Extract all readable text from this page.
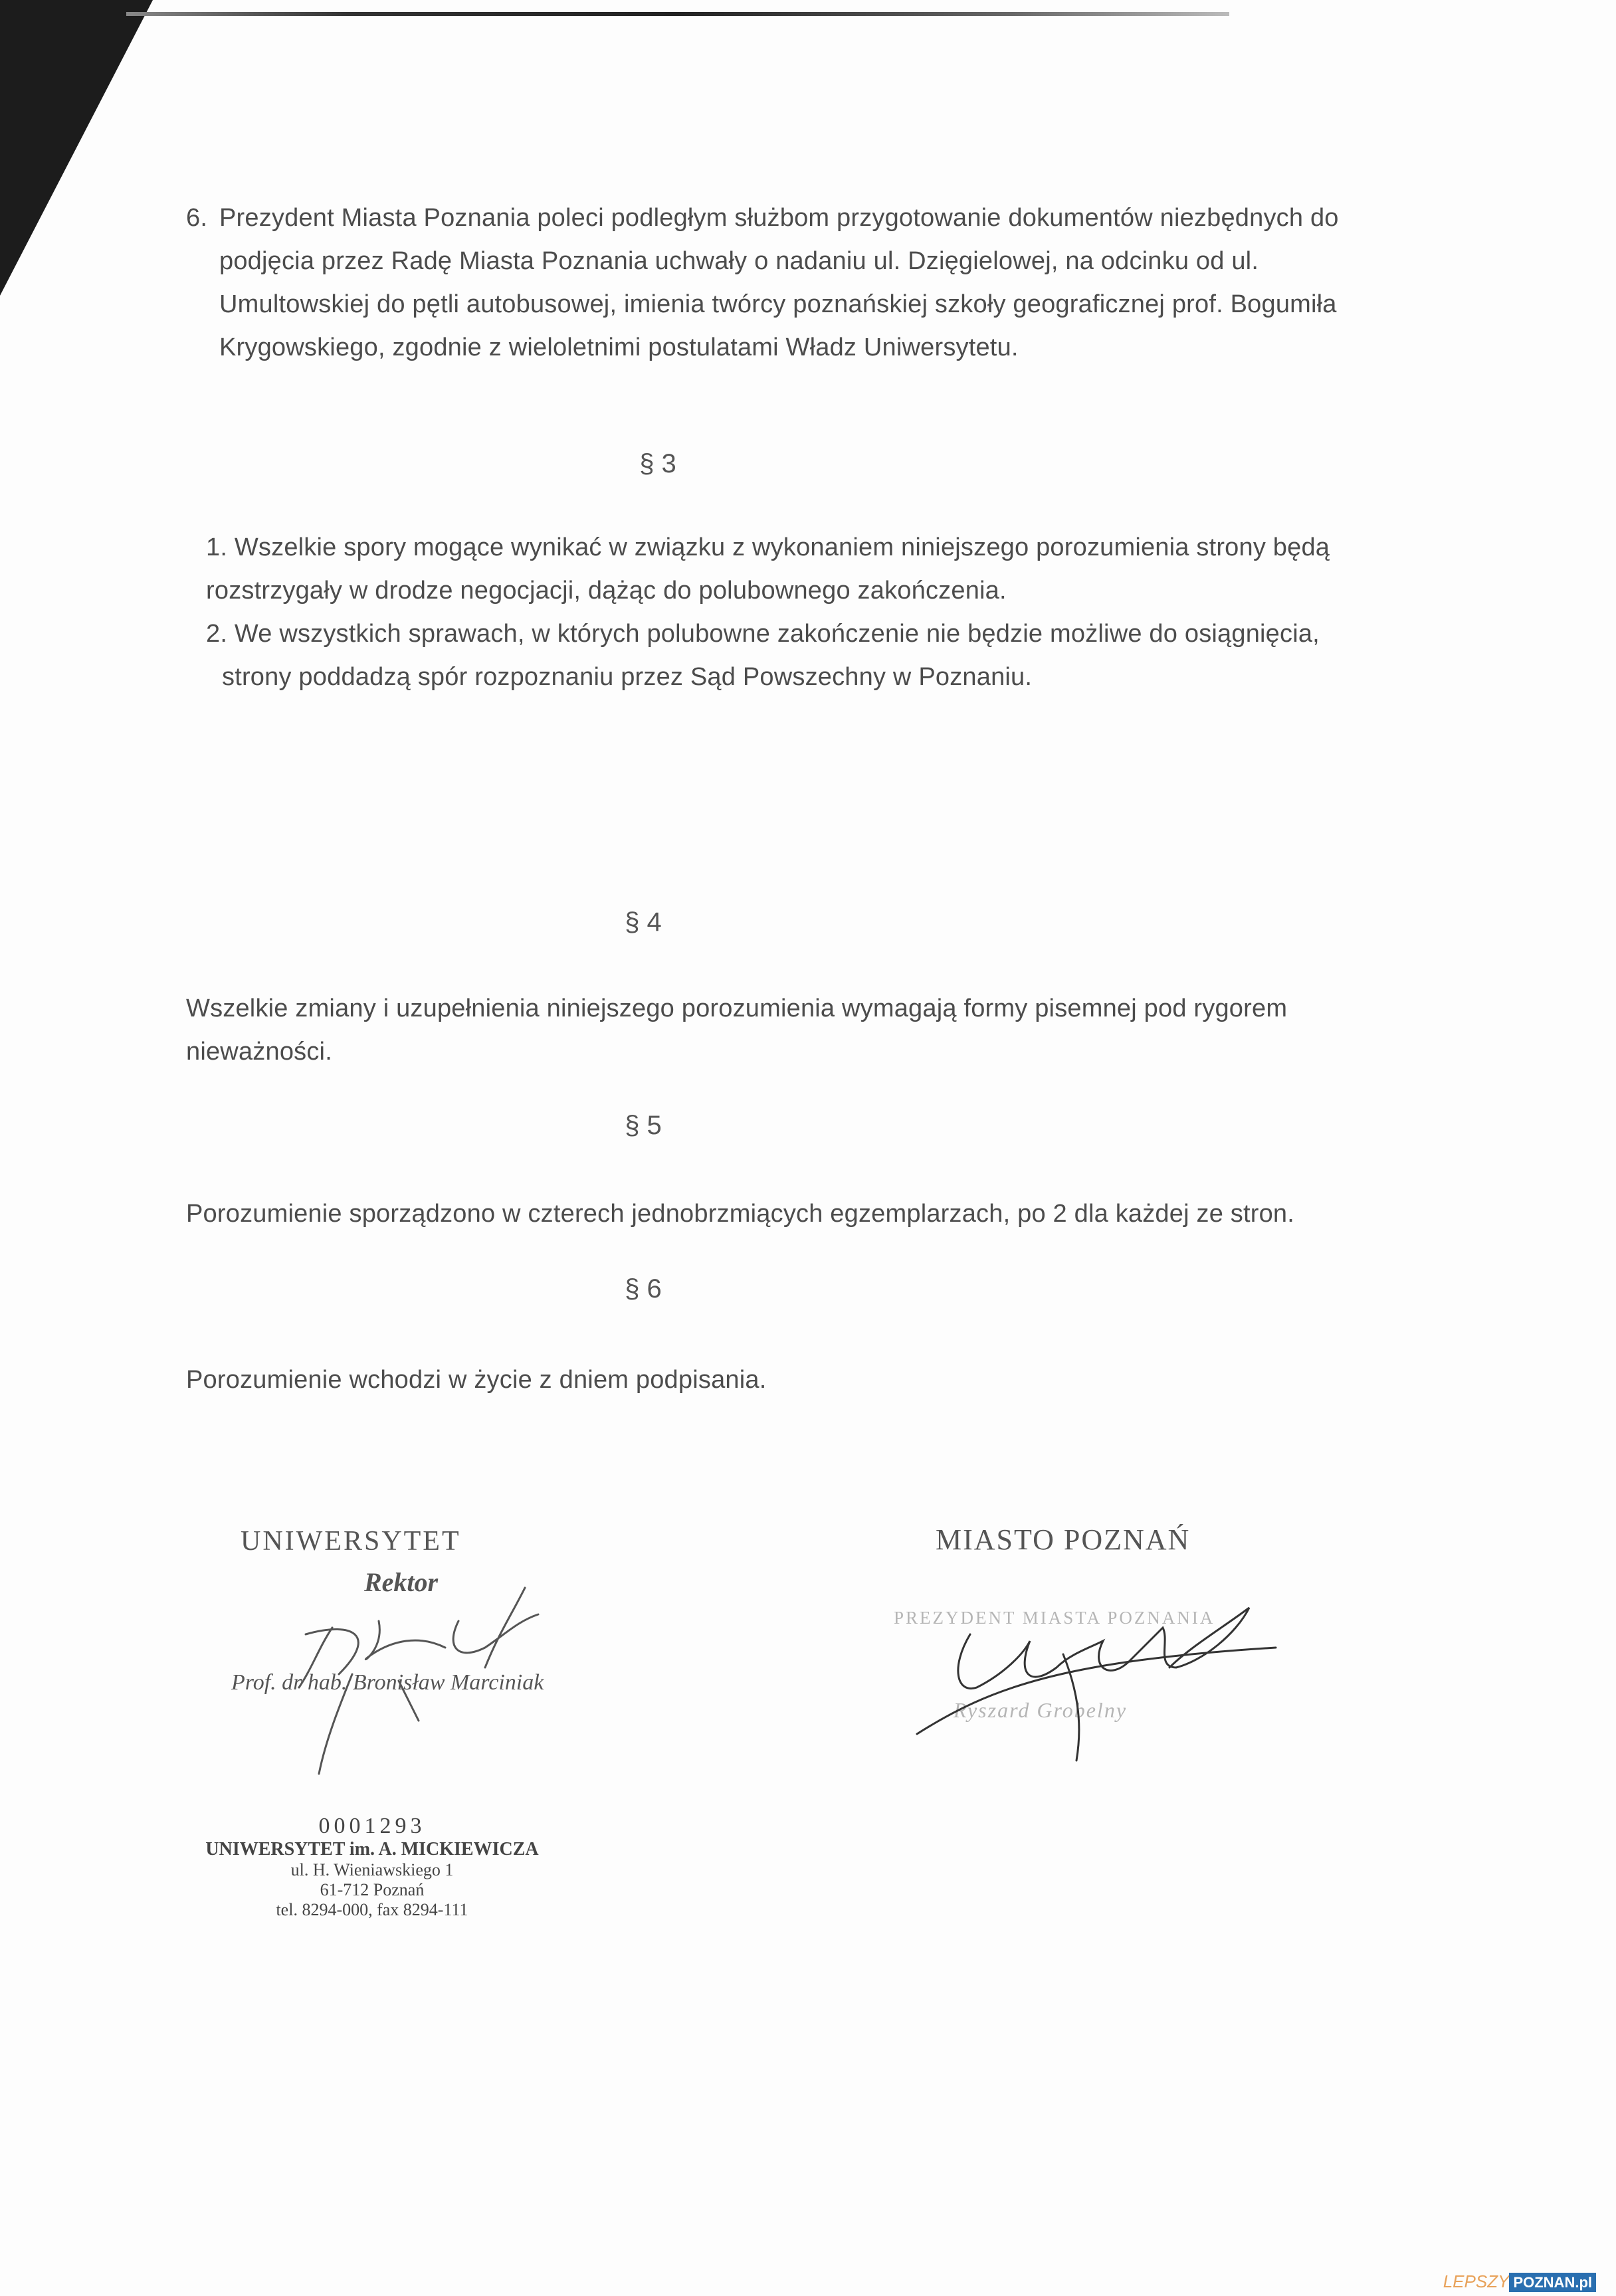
6. Prezydent Miasta Poznania poleci podległym służbom przygotowanie dokumentów niezbędnych do
podjęcia przez Radę Miasta Poznania uchwały o nadaniu ul. Dzięgielowej, na odcinku od ul.
Umultowskiej do pętli autobusowej, imienia twórcy poznańskiej szkoły geograficznej prof. Bogumiła
Krygowskiego, zgodnie z wieloletnimi postulatami Władz Uniwersytetu.
§ 3
1. Wszelkie spory mogące wynikać w związku z wykonaniem niniejszego porozumienia strony będą
rozstrzygały w drodze negocjacji, dążąc do polubownego zakończenia.
2. We wszystkich sprawach, w których polubowne zakończenie nie będzie możliwe do osiągnięcia,
strony poddadzą spór rozpoznaniu przez Sąd Powszechny w Poznaniu.
§ 4
Wszelkie zmiany i uzupełnienia niniejszego porozumienia wymagają formy pisemnej pod rygorem
nieważności.
§ 5
Porozumienie sporządzono w czterech jednobrzmiących egzemplarzach, po 2 dla każdej ze stron.
§ 6
Porozumienie wchodzi w życie z dniem podpisania.
UNIWERSYTET
Rektor
Prof. dr hab. Bronisław Marciniak
MIASTO POZNAŃ
PREZYDENT MIASTA POZNANIA
Ryszard Grobelny
0001293
UNIWERSYTET im. A. MICKIEWICZA
ul. H. Wieniawskiego 1
61-712 Poznań
tel. 8294-000, fax 8294-111
LEPSZY POZNAN.pl
